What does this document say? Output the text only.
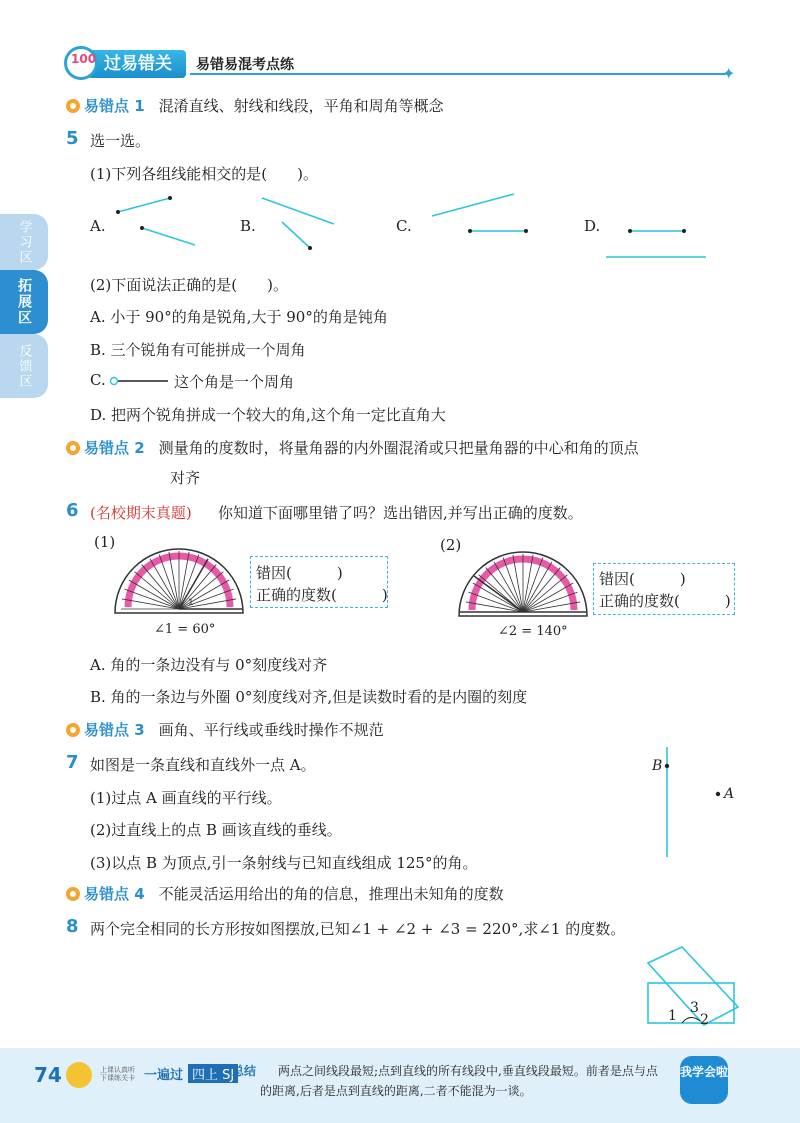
过易错关
100	易错易混考点练	✦
学习区
拓展区
反馈区
易错点 1 混淆直线、射线和线段，平角和周角等概念
5 选一选。
(1)下列各组线能相交的是(　　)。
A.	B.	C.	D.
(2)下面说法正确的是(　　)。
A. 小于 90°的角是锐角,大于 90°的角是钝角
B. 三个锐角有可能拼成一个周角
C.	这个角是一个周角
D. 把两个锐角拼成一个较大的角,这个角一定比直角大
易错点 2 测量角的度数时，将量角器的内外圈混淆或只把量角器的中心和角的顶点
对齐
6 (名校期末真题) 你知道下面哪里错了吗？选出错因,并写出正确的度数。
(1)	(2)
1
错因(　　　)
正确的度数(　　　)
错因(　　　)
正确的度数(　　　)
∠1 = 60°	∠2 = 140°
A. 角的一条边没有与 0°刻度线对齐
B. 角的一条边与外圈 0°刻度线对齐,但是读数时看的是内圈的刻度
易错点 3 画角、平行线或垂线时操作不规范
7 如图是一条直线和直线外一点 A。
(1)过点 A 画直线的平行线。
(2)过直线上的点 B 画该直线的垂线。
(3)以点 B 为顶点,引一条射线与已知直线组成 125°的角。
B
A
易错点 4 不能灵活运用给出的角的信息，推理出未知角的度数
8 两个完全相同的长方形按如图摆放,已知∠1 + ∠2 + ∠3 = 220°,求∠1 的度数。
1 3
2
74	上课认真听下课练关卡 一遍过 四上 SJ
总结	两点之间线段最短;点到直线的所有线段中,垂直线段最短。前者是点与点的距离,后者是点到直线的距离,二者不能混为一谈。
我学会啦
